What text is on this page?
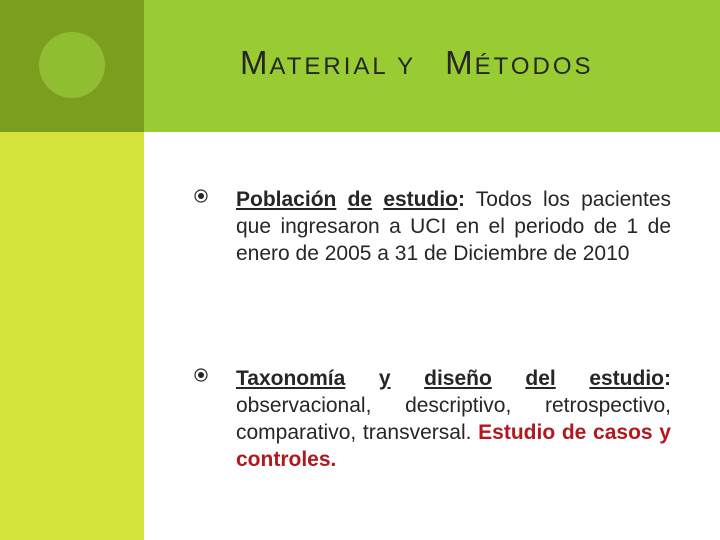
MATERIAL Y MÉTODOS

Población de estudio: Todos los pacientes que ingresaron a UCI en el periodo de 1 de enero de 2005 a 31 de Diciembre de 2010

Taxonomía y diseño del estudio: observacional, descriptivo, retrospectivo, comparativo, transversal. Estudio de casos y controles.
